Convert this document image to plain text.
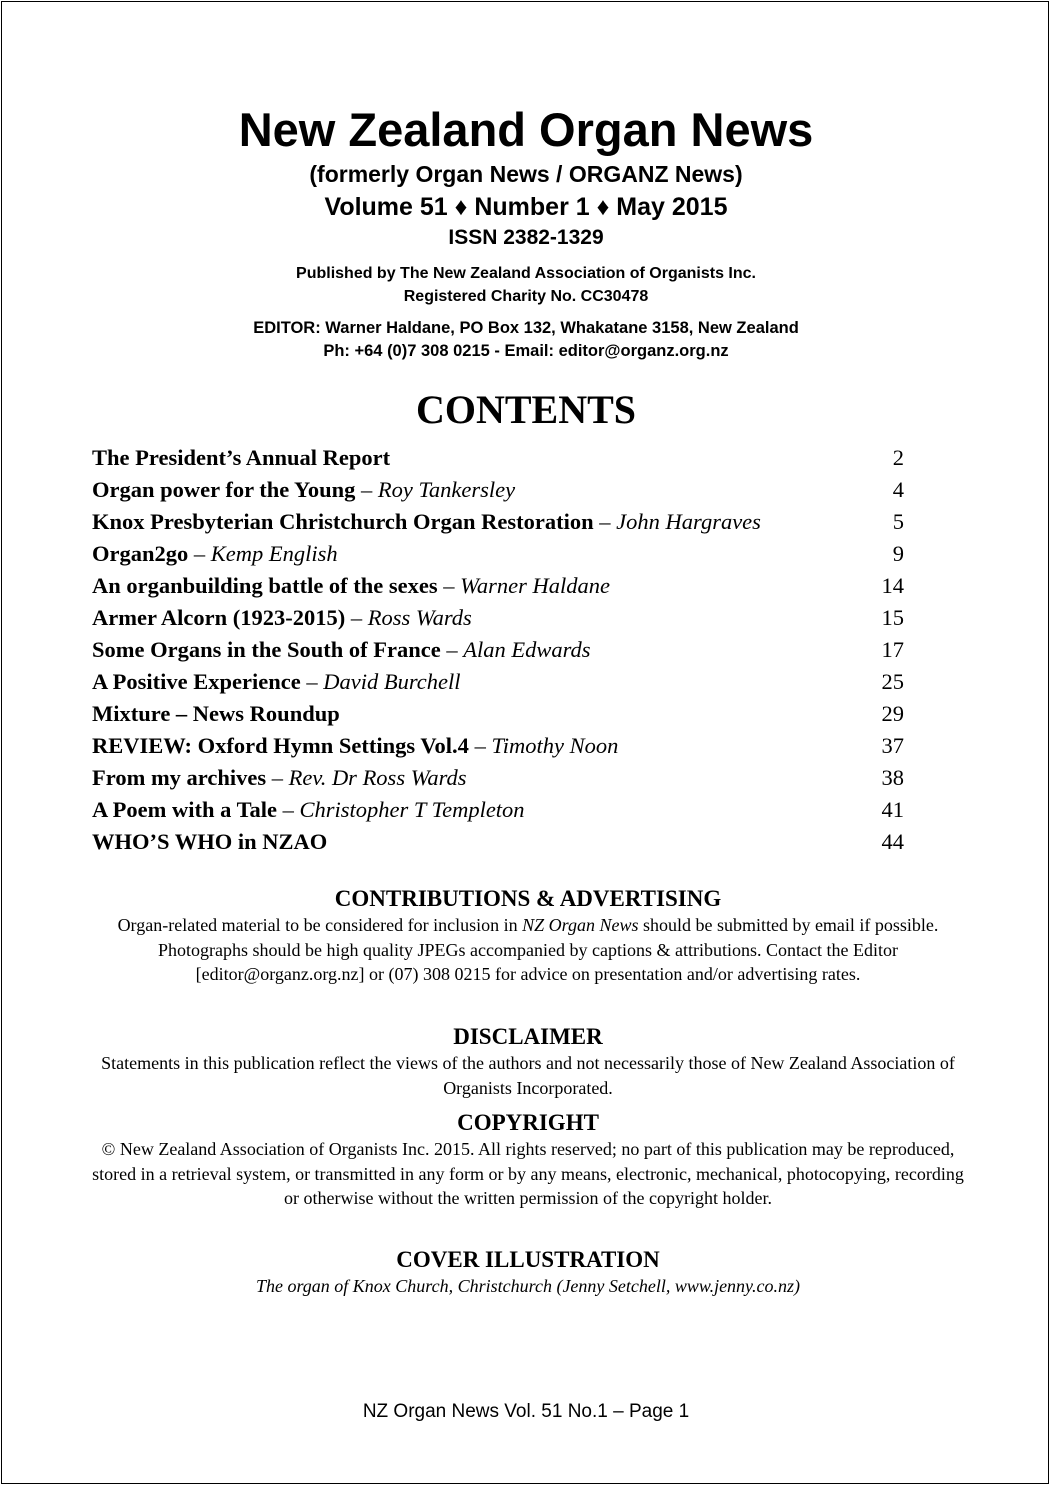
New Zealand Organ News
(formerly Organ News / ORGANZ News)
Volume 51 ♦ Number 1 ♦ May 2015
ISSN 2382-1329
Published by The New Zealand Association of Organists Inc.
Registered Charity No. CC30478
EDITOR: Warner Haldane, PO Box 132, Whakatane 3158, New Zealand
Ph: +64 (0)7 308 0215 - Email: editor@organz.org.nz
CONTENTS
The President’s Annual Report	2
Organ power for the Young – Roy Tankersley	4
Knox Presbyterian Christchurch Organ Restoration – John Hargraves	5
Organ2go – Kemp English	9
An organbuilding battle of the sexes – Warner Haldane	14
Armer Alcorn (1923-2015) – Ross Wards	15
Some Organs in the South of France – Alan Edwards	17
A Positive Experience – David Burchell	25
Mixture – News Roundup	29
REVIEW: Oxford Hymn Settings Vol.4 – Timothy Noon	37
From my archives – Rev. Dr Ross Wards	38
A Poem with a Tale – Christopher T Templeton	41
WHO’S WHO in NZAO	44
CONTRIBUTIONS & ADVERTISING

Organ-related material to be considered for inclusion in NZ Organ News should be submitted by email if possible. Photographs should be high quality JPEGs accompanied by captions & attributions. Contact the Editor [editor@organz.org.nz] or (07) 308 0215 for advice on presentation and/or advertising rates.

DISCLAIMER

Statements in this publication reflect the views of the authors and not necessarily those of New Zealand Association of Organists Incorporated.

COPYRIGHT

© New Zealand Association of Organists Inc. 2015. All rights reserved; no part of this publication may be reproduced, stored in a retrieval system, or transmitted in any form or by any means, electronic, mechanical, photocopying, recording or otherwise without the written permission of the copyright holder.

COVER ILLUSTRATION

The organ of Knox Church, Christchurch (Jenny Setchell, www.jenny.co.nz)

NZ Organ News Vol. 51 No.1 – Page 1
